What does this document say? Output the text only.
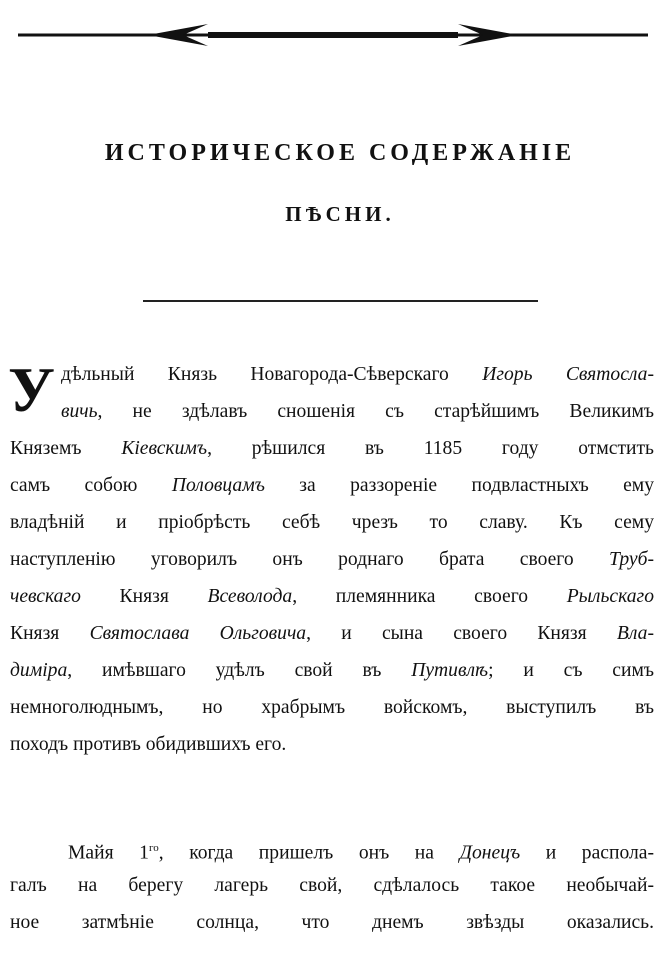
ИСТОРИЧЕСКОЕ СОДЕРЖАНІЕ
ПѢСНИ.
У дѣльный Князь Новагорода-Сѣверскаго Игорь Святосла-
вичь, не здѣлавъ сношенія съ старѣйшимъ Великимъ
Княземъ Кіевскимъ, рѣшился въ 1185 году отмстить
самъ собою Половцамъ за раззореніе подвластныхъ ему
владѣній и пріобрѣсть себѣ чрезъ то славу. Къ сему
наступленію уговорилъ онъ роднаго брата своего Труб-
чевскаго Князя Всеволода, племянника своего Рыльскаго
Князя Святослава Ольговича, и сына своего Князя Вла-
диміра, имѣвшаго удѣлъ свой въ Путивлѣ; и съ симъ
немноголюднымъ, но храбрымъ войскомъ, выступилъ въ
походъ противъ обидившихъ его.
Майя $1^{го}$, когда пришелъ онъ на Донецъ и распола-
галъ на берегу лагерь свой, сдѣлалось такое необычай-
ное затмѣніе солнца, что днемъ звѣзды оказались.
